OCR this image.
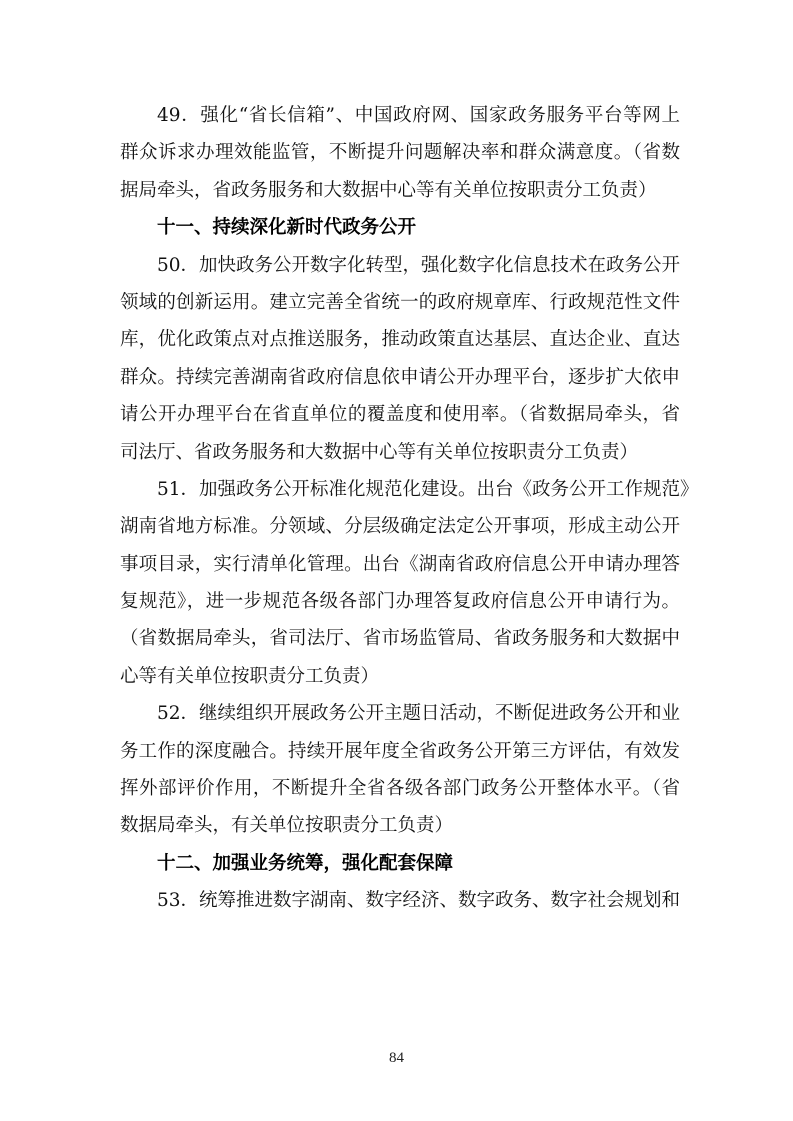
49．强化“省长信箱”、中国政府网、国家政务服务平台等网上
群众诉求办理效能监管，不断提升问题解决率和群众满意度。（省数
据局牵头，省政务服务和大数据中心等有关单位按职责分工负责）
十一、持续深化新时代政务公开
50．加快政务公开数字化转型，强化数字化信息技术在政务公开
领域的创新运用。建立完善全省统一的政府规章库、行政规范性文件
库，优化政策点对点推送服务，推动政策直达基层、直达企业、直达
群众。持续完善湖南省政府信息依申请公开办理平台，逐步扩大依申
请公开办理平台在省直单位的覆盖度和使用率。（省数据局牵头，省
司法厅、省政务服务和大数据中心等有关单位按职责分工负责）
51．加强政务公开标准化规范化建设。出台《政务公开工作规范》
湖南省地方标准。分领域、分层级确定法定公开事项，形成主动公开
事项目录，实行清单化管理。出台《湖南省政府信息公开申请办理答
复规范》，进一步规范各级各部门办理答复政府信息公开申请行为。
（省数据局牵头，省司法厅、省市场监管局、省政务服务和大数据中
心等有关单位按职责分工负责）
52．继续组织开展政务公开主题日活动，不断促进政务公开和业
务工作的深度融合。持续开展年度全省政务公开第三方评估，有效发
挥外部评价作用，不断提升全省各级各部门政务公开整体水平。（省
数据局牵头，有关单位按职责分工负责）
十二、加强业务统筹，强化配套保障
53．统筹推进数字湖南、数字经济、数字政务、数字社会规划和
84
